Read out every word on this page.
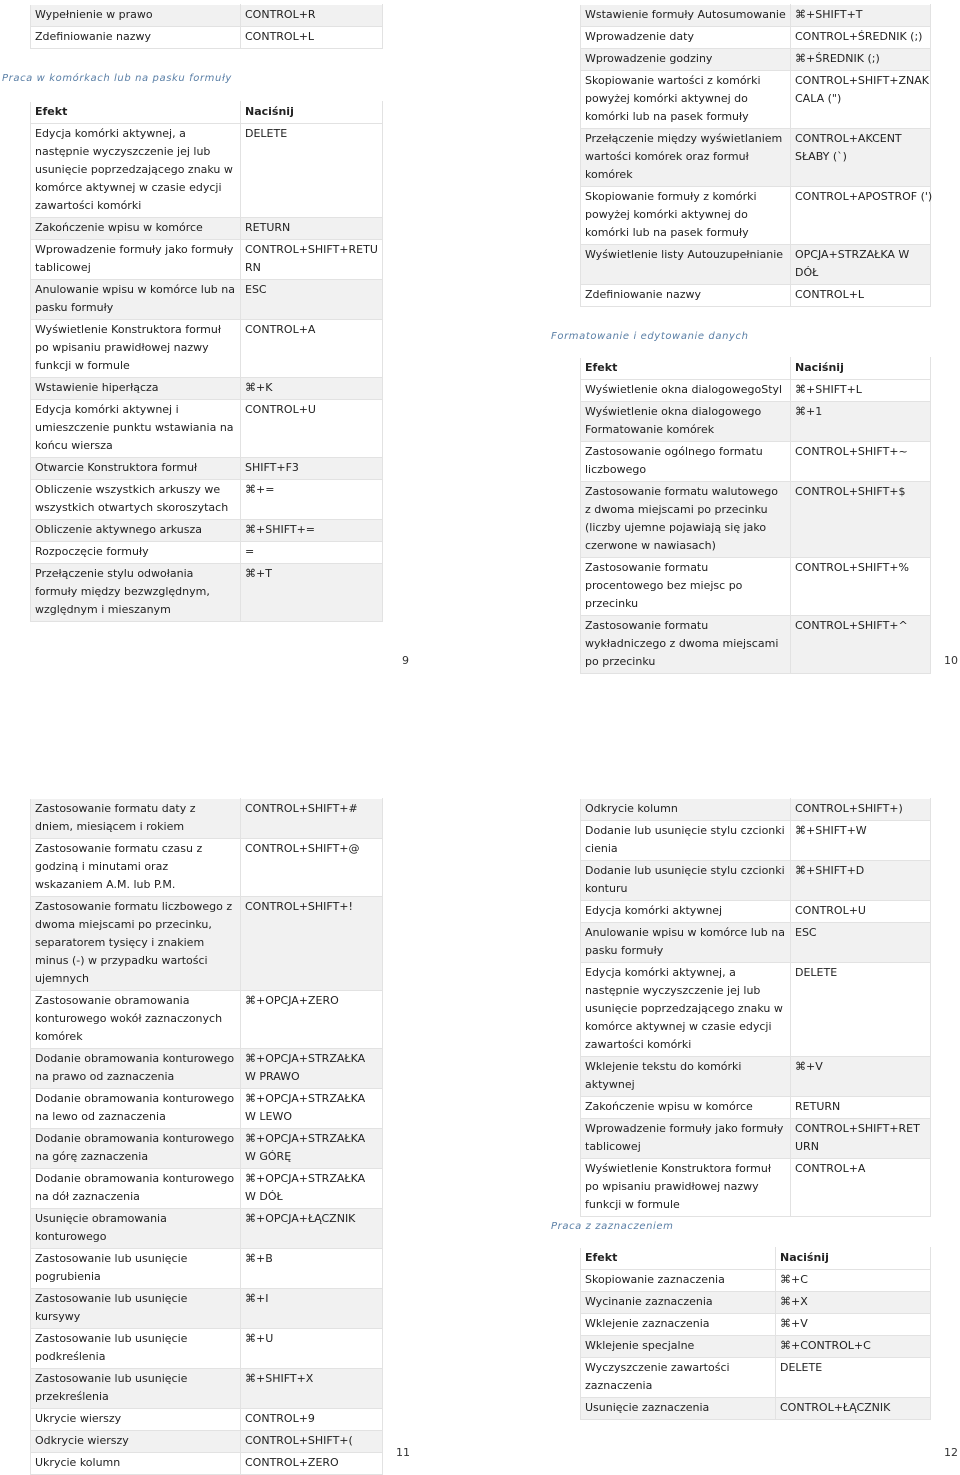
Wypełnienie w prawo	CONTROL+R
Zdefiniowanie nazwy	CONTROL+L
Praca w komórkach lub na pasku formuły
Efekt	Naciśnij
Edycja komórki aktywnej, a następnie wyczyszczenie jej lub usunięcie poprzedzającego znaku w komórce aktywnej w czasie edycji zawartości komórki	DELETE
Zakończenie wpisu w komórce	RETURN
Wprowadzenie formuły jako formuły tablicowej	CONTROL+SHIFT+RETURN
Anulowanie wpisu w komórce lub na pasku formuły	ESC
Wyświetlenie Konstruktora formuł po wpisaniu prawidłowej nazwy funkcji w formule	CONTROL+A
Wstawienie hiperłącza	⌘+K
Edycja komórki aktywnej i umieszczenie punktu wstawiania na końcu wiersza	CONTROL+U
Otwarcie Konstruktora formuł	SHIFT+F3
Obliczenie wszystkich arkuszy we wszystkich otwartych skoroszytach	⌘+=
Obliczenie aktywnego arkusza	⌘+SHIFT+=
Rozpoczęcie formuły	=
Przełączenie stylu odwołania formuły między bezwzględnym, względnym i mieszanym	⌘+T
9
Wstawienie formuły Autosumowanie	⌘+SHIFT+T
Wprowadzenie daty	CONTROL+ŚREDNIK (;)
Wprowadzenie godziny	⌘+ŚREDNIK (;)
Skopiowanie wartości z komórki powyżej komórki aktywnej do komórki lub na pasek formuły	CONTROL+SHIFT+ZNAK CALA (")
Przełączenie między wyświetlaniem wartości komórek oraz formuł komórek	CONTROL+AKCENT SŁABY (`)
Skopiowanie formuły z komórki powyżej komórki aktywnej do komórki lub na pasek formuły	CONTROL+APOSTROF (')
Wyświetlenie listy Autouzupełnianie	OPCJA+STRZAŁKA W DÓŁ
Zdefiniowanie nazwy	CONTROL+L
Formatowanie i edytowanie danych
Efekt	Naciśnij
Wyświetlenie okna dialogowegoStyl	⌘+SHIFT+L
Wyświetlenie okna dialogowego Formatowanie komórek	⌘+1
Zastosowanie ogólnego formatu liczbowego	CONTROL+SHIFT+~
Zastosowanie formatu walutowego z dwoma miejscami po przecinku (liczby ujemne pojawiają się jako czerwone w nawiasach)	CONTROL+SHIFT+$
Zastosowanie formatu procentowego bez miejsc po przecinku	CONTROL+SHIFT+%
Zastosowanie formatu wykładniczego z dwoma miejscami po przecinku	CONTROL+SHIFT+^
10
Zastosowanie formatu daty z dniem, miesiącem i rokiem	CONTROL+SHIFT+#
Zastosowanie formatu czasu z godziną i minutami oraz wskazaniem A.M. lub P.M.	CONTROL+SHIFT+@
Zastosowanie formatu liczbowego z dwoma miejscami po przecinku, separatorem tysięcy i znakiem minus (-) w przypadku wartości ujemnych	CONTROL+SHIFT+!
Zastosowanie obramowania konturowego wokół zaznaczonych komórek	⌘+OPCJA+ZERO
Dodanie obramowania konturowego na prawo od zaznaczenia	⌘+OPCJA+STRZAŁKA W PRAWO
Dodanie obramowania konturowego na lewo od zaznaczenia	⌘+OPCJA+STRZAŁKA W LEWO
Dodanie obramowania konturowego na górę zaznaczenia	⌘+OPCJA+STRZAŁKA W GÓRĘ
Dodanie obramowania konturowego na dół zaznaczenia	⌘+OPCJA+STRZAŁKA W DÓŁ
Usunięcie obramowania konturowego	⌘+OPCJA+ŁĄCZNIK
Zastosowanie lub usunięcie pogrubienia	⌘+B
Zastosowanie lub usunięcie kursywy	⌘+I
Zastosowanie lub usunięcie podkreślenia	⌘+U
Zastosowanie lub usunięcie przekreślenia	⌘+SHIFT+X
Ukrycie wierszy	CONTROL+9
Odkrycie wierszy	CONTROL+SHIFT+(
Ukrycie kolumn	CONTROL+ZERO
11
Odkrycie kolumn	CONTROL+SHIFT+)
Dodanie lub usunięcie stylu czcionki cienia	⌘+SHIFT+W
Dodanie lub usunięcie stylu czcionki konturu	⌘+SHIFT+D
Edycja komórki aktywnej	CONTROL+U
Anulowanie wpisu w komórce lub na pasku formuły	ESC
Edycja komórki aktywnej, a następnie wyczyszczenie jej lub usunięcie poprzedzającego znaku w komórce aktywnej w czasie edycji zawartości komórki	DELETE
Wklejenie tekstu do komórki aktywnej	⌘+V
Zakończenie wpisu w komórce	RETURN
Wprowadzenie formuły jako formuły tablicowej	CONTROL+SHIFT+RETURN
Wyświetlenie Konstruktora formuł po wpisaniu prawidłowej nazwy funkcji w formule	CONTROL+A
Praca z zaznaczeniem
Efekt	Naciśnij
Skopiowanie zaznaczenia	⌘+C
Wycinanie zaznaczenia	⌘+X
Wklejenie zaznaczenia	⌘+V
Wklejenie specjalne	⌘+CONTROL+C
Wyczyszczenie zawartości zaznaczenia	DELETE
Usunięcie zaznaczenia	CONTROL+ŁĄCZNIK
12
